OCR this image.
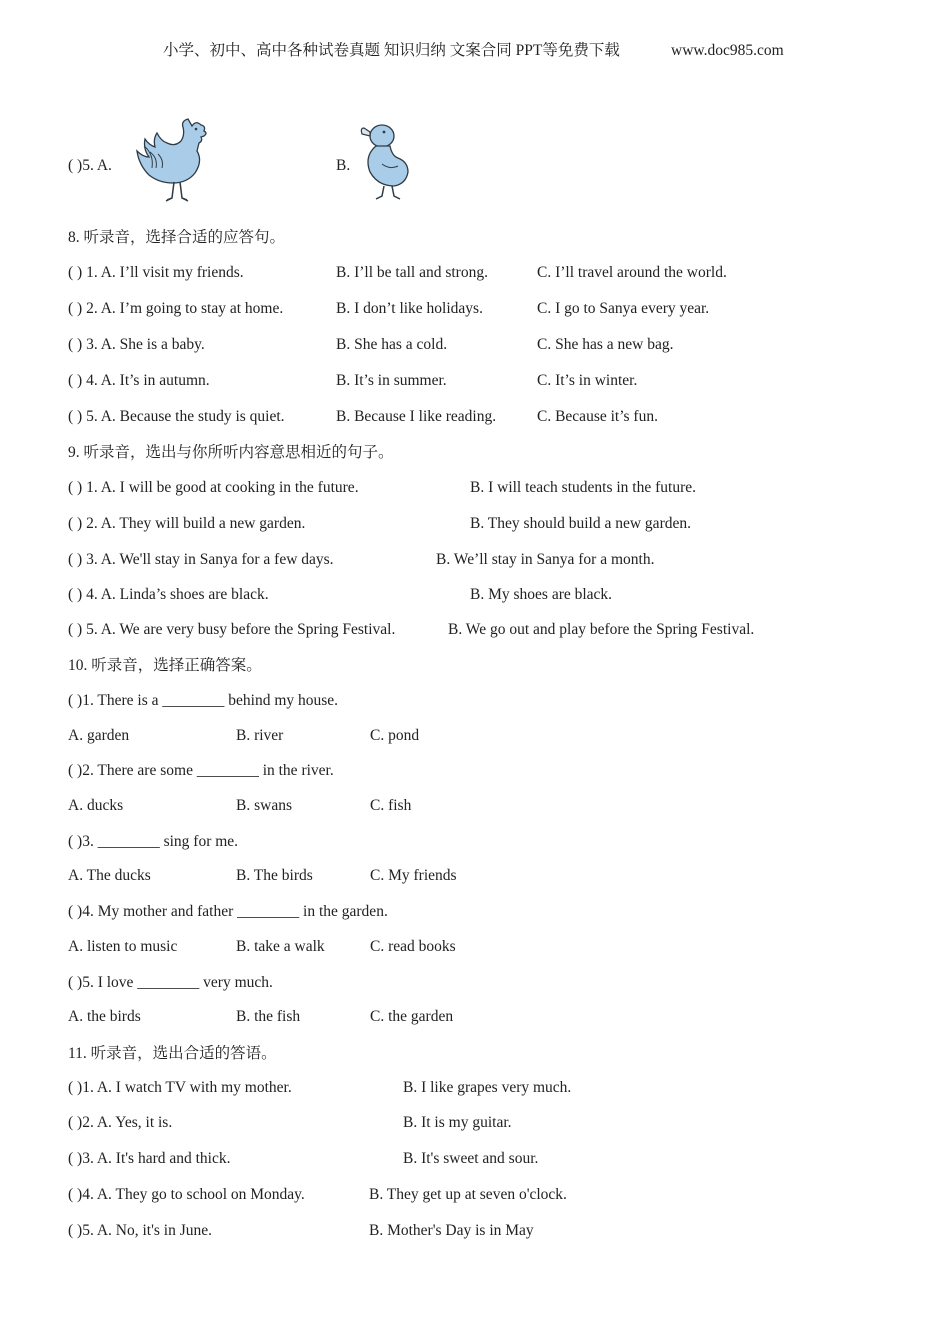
小学、初中、高中各种试卷真题 知识归纳 文案合同 PPT等免费下载	www.doc985.com
( )5. A.	B.
8. 听录音，选择合适的应答句。
( ) 1. A. I’ll visit my friends.	B. I’ll be tall and strong.	C. I’ll travel around the world.
( ) 2. A. I’m going to stay at home.	B. I don’t like holidays.	C. I go to Sanya every year.
( ) 3. A. She is a baby.	B. She has a cold.	C. She has a new bag.
( ) 4. A. It’s in autumn.	B. It’s in summer.	C. It’s in winter.
( ) 5. A. Because the study is quiet.	B. Because I like reading.	C. Because it’s fun.
9. 听录音，选出与你所听内容意思相近的句子。
( ) 1. A. I will be good at cooking in the future.	B. I will teach students in the future.
( ) 2. A. They will build a new garden.	B. They should build a new garden.
( ) 3. A. We'll stay in Sanya for a few days.	B. We’ll stay in Sanya for a month.
( ) 4. A. Linda’s shoes are black.	B. My shoes are black.
( ) 5. A. We are very busy before the Spring Festival.	B. We go out and play before the Spring Festival.
10. 听录音，选择正确答案。
( )1. There is a ________ behind my house.
A. garden	B. river	C. pond
( )2. There are some ________ in the river.
A. ducks	B. swans	C. fish
( )3. ________ sing for me.
A. The ducks	B. The birds	C. My friends
( )4. My mother and father ________ in the garden.
A. listen to music	B. take a walk	C. read books
( )5. I love ________ very much.
A. the birds	B. the fish	C. the garden
11. 听录音，选出合适的答语。
( )1. A. I watch TV with my mother.	B. I like grapes very much.
( )2. A. Yes, it is.	B. It is my guitar.
( )3. A. It's hard and thick.	B. It's sweet and sour.
( )4. A. They go to school on Monday.	B. They get up at seven o'clock.
( )5. A. No, it's in June.	B. Mother's Day is in May
